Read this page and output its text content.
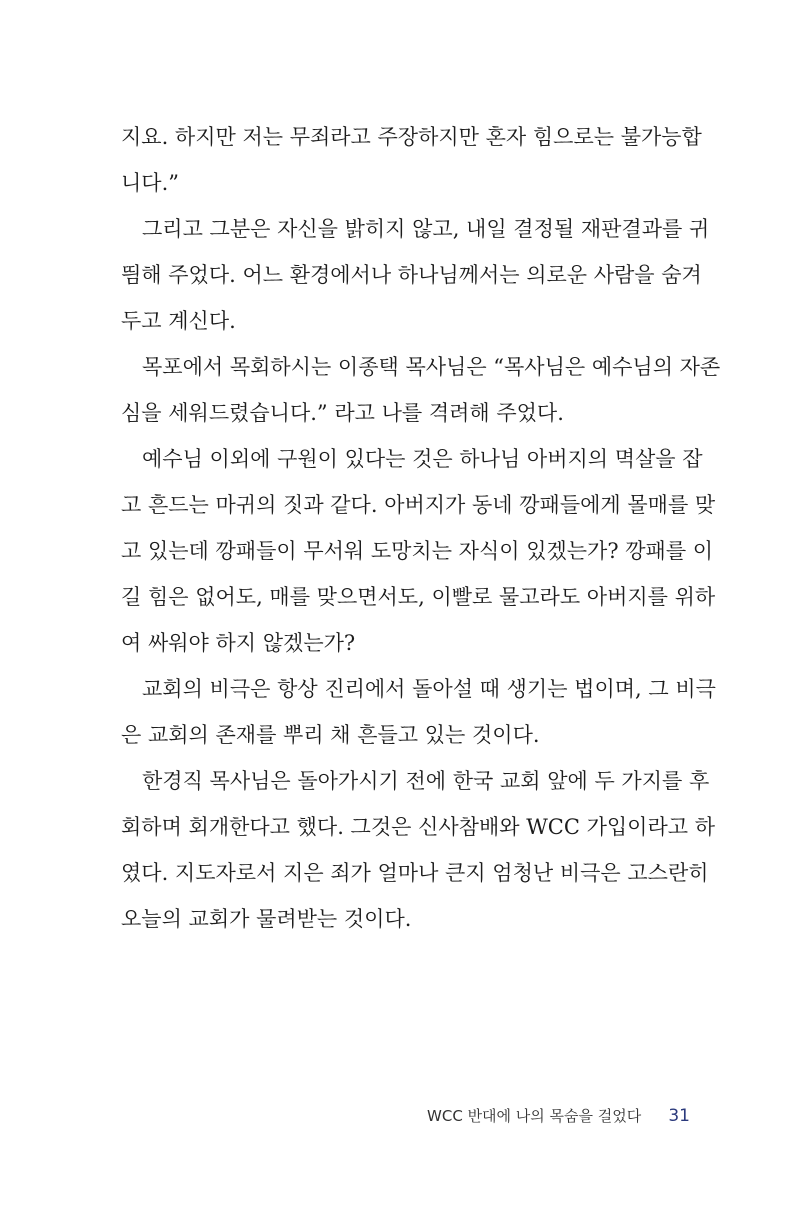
지요. 하지만 저는 무죄라고 주장하지만 혼자 힘으로는 불가능합
니다.”
그리고 그분은 자신을 밝히지 않고, 내일 결정될 재판결과를 귀
띔해 주었다. 어느 환경에서나 하나님께서는 의로운 사람을 숨겨
두고 계신다.
목포에서 목회하시는 이종택 목사님은 “목사님은 예수님의 자존
심을 세워드렸습니다.” 라고 나를 격려해 주었다.
예수님 이외에 구원이 있다는 것은 하나님 아버지의 멱살을 잡
고 흔드는 마귀의 짓과 같다. 아버지가 동네 깡패들에게 몰매를 맞
고 있는데 깡패들이 무서워 도망치는 자식이 있겠는가? 깡패를 이
길 힘은 없어도, 매를 맞으면서도, 이빨로 물고라도 아버지를 위하
여 싸워야 하지 않겠는가?
교회의 비극은 항상 진리에서 돌아설 때 생기는 법이며, 그 비극
은 교회의 존재를 뿌리 채 흔들고 있는 것이다.
한경직 목사님은 돌아가시기 전에 한국 교회 앞에 두 가지를 후
회하며 회개한다고 했다. 그것은 신사참배와 WCC 가입이라고 하
였다. 지도자로서 지은 죄가 얼마나 큰지 엄청난 비극은 고스란히
오늘의 교회가 물려받는 것이다.
WCC 반대에 나의 목숨을 걸었다 31
